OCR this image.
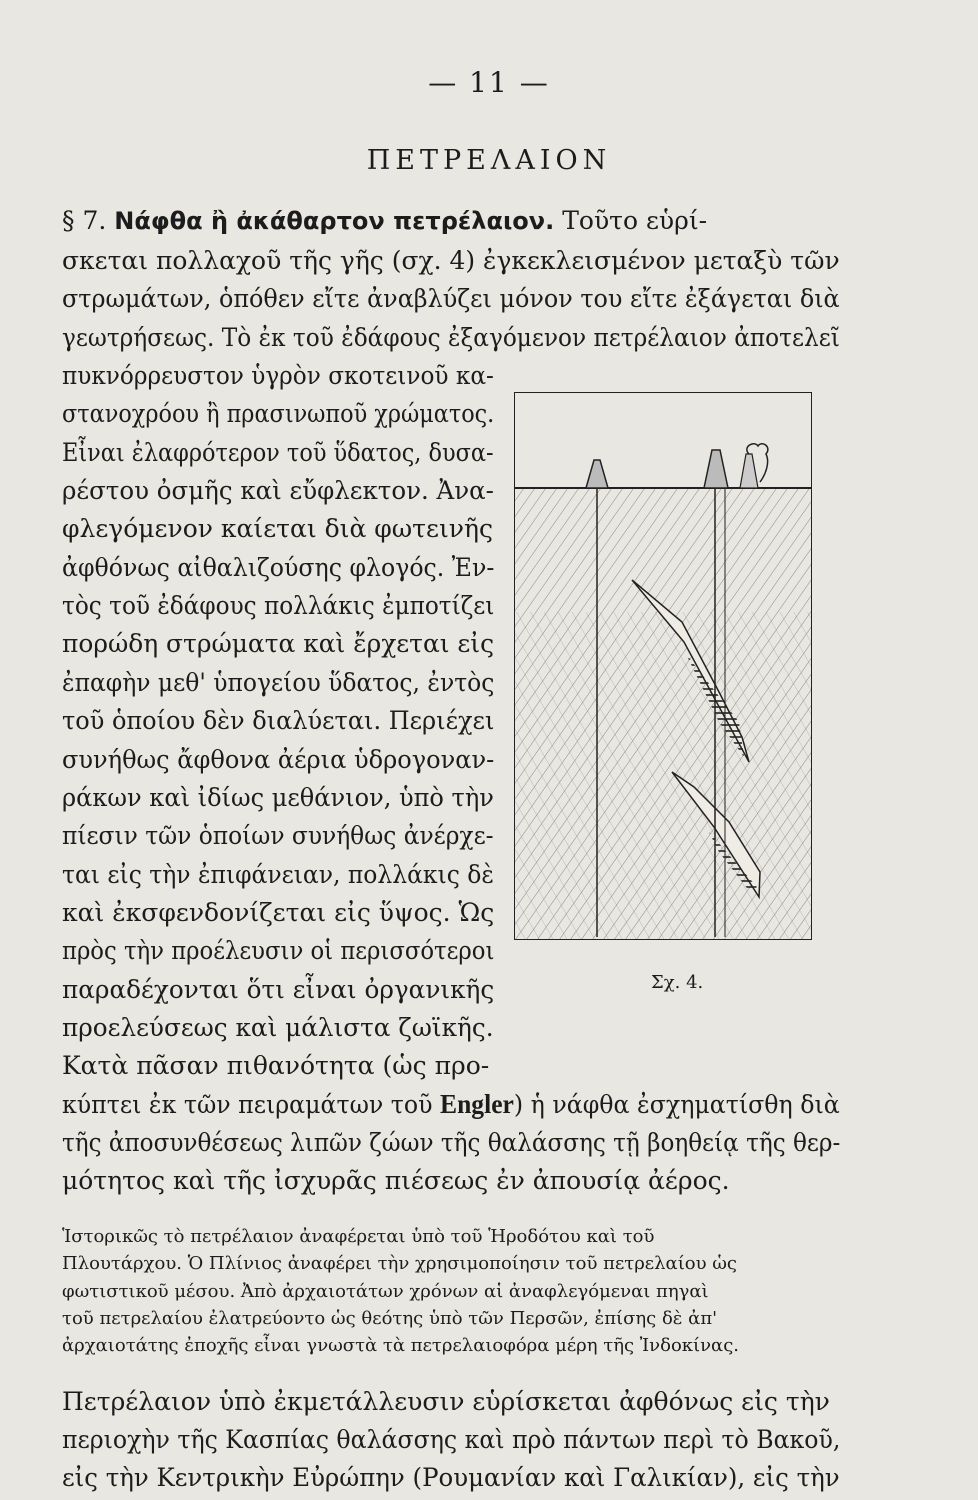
— 11 —
ΠΕΤΡΕΛΑΙΟΝ
§ 7. Νάφθα ἢ ἀκάθαρτον πετρέλαιον. Τοῦτο εὑρί-
σκεται πολλαχοῦ τῆς γῆς (σχ. 4) ἐγκεκλεισμένον μεταξὺ τῶν
στρωμάτων, ὁπόθεν εἴτε ἀναβλύζει μόνον του εἴτε ἐξάγεται διὰ
γεωτρήσεως. Τὸ ἐκ τοῦ ἐδάφους ἐξαγόμενον πετρέλαιον ἀποτελεῖ
πυκνόρρευστον ὑγρὸν σκοτεινοῦ κα-
στανοχρόου ἢ πρασινωποῦ χρώματος.
Εἶναι ἐλαφρότερον τοῦ ὕδατος, δυσα-
ρέστου ὀσμῆς καὶ εὔφλεκτον. Ἀνα-
φλεγόμενον καίεται διὰ φωτεινῆς
ἀφθόνως αἰθαλιζούσης φλογός. Ἐν-
τὸς τοῦ ἐδάφους πολλάκις ἐμποτίζει
πορώδη στρώματα καὶ ἔρχεται εἰς
ἐπαφὴν μεθ' ὑπογείου ὕδατος, ἐντὸς
τοῦ ὁποίου δὲν διαλύεται. Περιέχει
συνήθως ἄφθονα ἀέρια ὑδρογοναν-
ράκων καὶ ἰδίως μεθάνιον, ὑπὸ τὴν
πίεσιν τῶν ὁποίων συνήθως ἀνέρχε-
ται εἰς τὴν ἐπιφάνειαν, πολλάκις δὲ
καὶ ἐκσφενδονίζεται εἰς ὕψος. Ὡς
πρὸς τὴν προέλευσιν οἱ περισσότεροι
παραδέχονται ὅτι εἶναι ὀργανικῆς
προελεύσεως καὶ μάλιστα ζωϊκῆς.
Κατὰ πᾶσαν πιθανότητα (ὡς προ-
κύπτει ἐκ τῶν πειραμάτων τοῦ Engler) ἡ νάφθα ἐσχηματίσθη διὰ
τῆς ἀποσυνθέσεως λιπῶν ζώων τῆς θαλάσσης τῇ βοηθείᾳ τῆς θερ-
μότητος καὶ τῆς ἰσχυρᾶς πιέσεως ἐν ἀπουσίᾳ ἀέρος.
Σχ. 4.
Ἱστορικῶς τὸ πετρέλαιον ἀναφέρεται ὑπὸ τοῦ Ἡροδότου καὶ τοῦ
Πλουτάρχου. Ὁ Πλίνιος ἀναφέρει τὴν χρησιμοποίησιν τοῦ πετρελαίου ὡς
φωτιστικοῦ μέσου. Ἀπὸ ἀρχαιοτάτων χρόνων αἱ ἀναφλεγόμεναι πηγαὶ
τοῦ πετρελαίου ἐλατρεύοντο ὡς θεότης ὑπὸ τῶν Περσῶν, ἐπίσης δὲ ἀπ'
ἀρχαιοτάτης ἐποχῆς εἶναι γνωστὰ τὰ πετρελαιοφόρα μέρη τῆς Ἰνδοκίνας.
Πετρέλαιον ὑπὸ ἐκμετάλλευσιν εὑρίσκεται ἀφθόνως εἰς τὴν
περιοχὴν τῆς Κασπίας θαλάσσης καὶ πρὸ πάντων περὶ τὸ Βακοῦ,
εἰς τὴν Κεντρικὴν Εὐρώπην (Ρουμανίαν καὶ Γαλικίαν), εἰς τὴν
